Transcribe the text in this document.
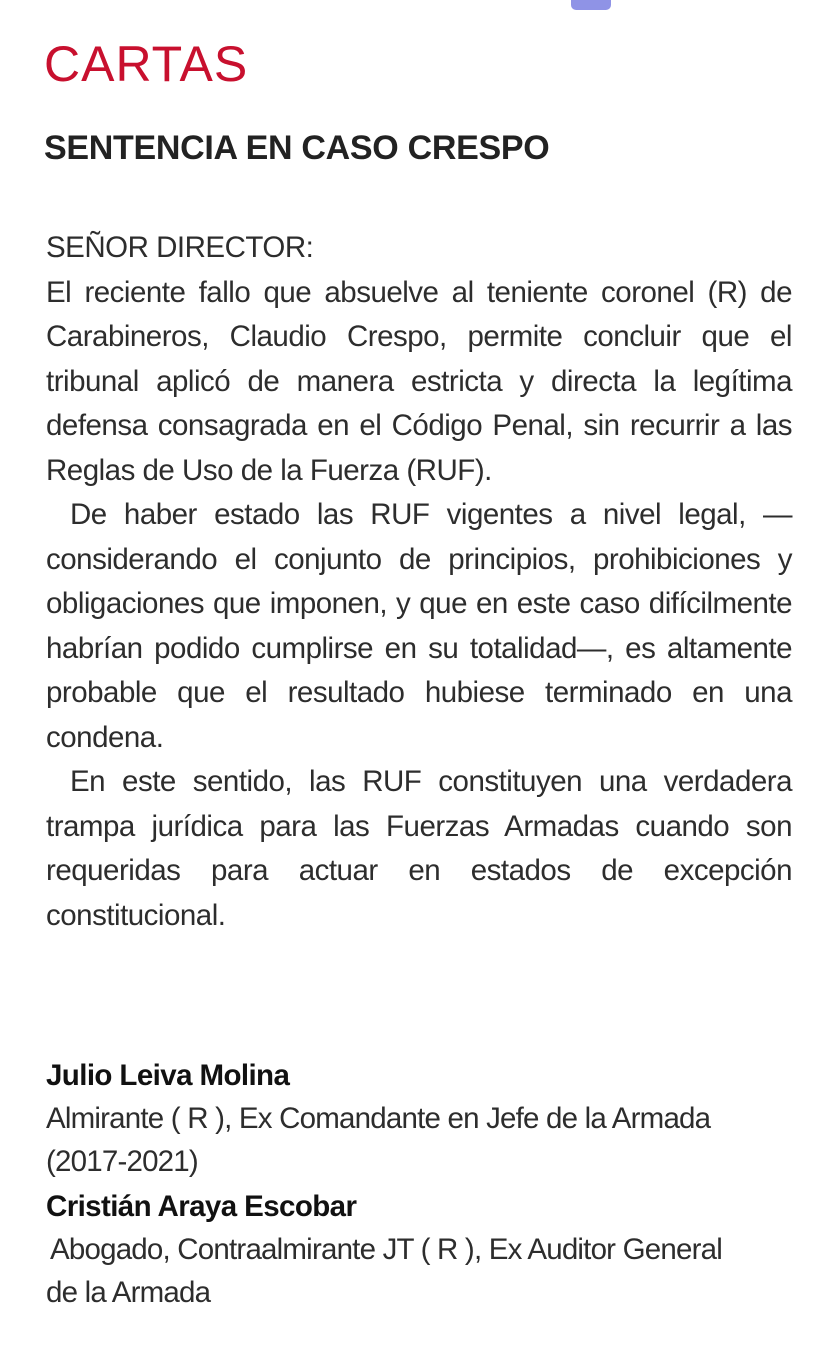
CARTAS
SENTENCIA EN CASO CRESPO

SEÑOR DIRECTOR:

El reciente fallo que absuelve al teniente coronel (R) de Carabineros, Claudio Crespo, permite concluir que el tribunal aplicó de manera estricta y directa la legítima defensa consagrada en el Código Penal, sin recurrir a las Reglas de Uso de la Fuerza (RUF).

De haber estado las RUF vigentes a nivel legal, —considerando el conjunto de principios, prohibiciones y obligaciones que imponen, y que en este caso difícilmente habrían podido cumplirse en su totalidad—, es altamente probable que el resultado hubiese terminado en una condena.

En este sentido, las RUF constituyen una verdadera trampa jurídica para las Fuerzas Armadas cuando son requeridas para actuar en estados de excepción constitucional.

Julio Leiva Molina

Almirante ( R ), Ex Comandante en Jefe de la Armada (2017-2021)

Cristián Araya Escobar

Abogado, Contraalmirante JT ( R ), Ex Auditor General de la Armada
